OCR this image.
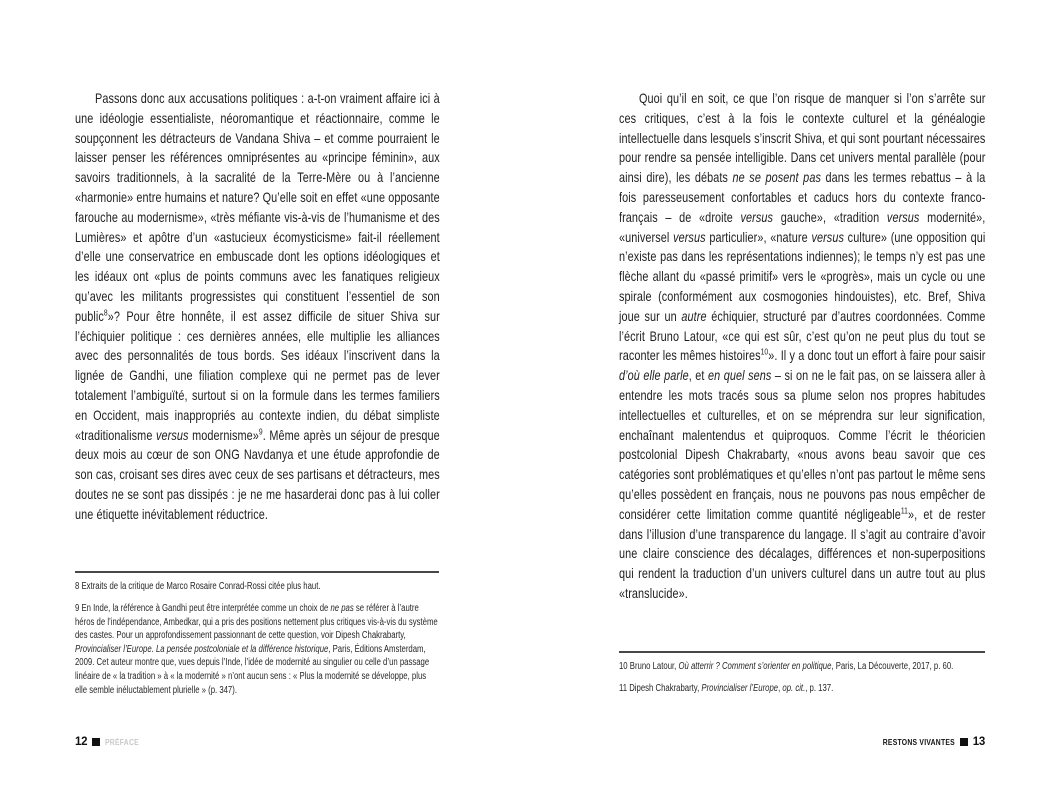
Passons donc aux accusations politiques : a-t-on vraiment affaire ici à une idéologie essentialiste, néoromantique et réactionnaire, comme le soupçonnent les détracteurs de Vandana Shiva – et comme pourraient le laisser penser les références omniprésentes au «principe féminin», aux savoirs traditionnels, à la sacralité de la Terre-Mère ou à l’ancienne «harmonie» entre humains et nature? Qu’elle soit en effet «une opposante farouche au modernisme», «très méfiante vis-à-vis de l’humanisme et des Lumières» et apôtre d’un «astucieux écomysticisme» fait-il réellement d’elle une conservatrice en embuscade dont les options idéologiques et les idéaux ont «plus de points communs avec les fanatiques religieux qu’avec les militants progressistes qui constituent l’essentiel de son public$^8$»? Pour être honnête, il est assez difficile de situer Shiva sur l’échiquier politique : ces dernières années, elle multiplie les alliances avec des personnalités de tous bords. Ses idéaux l’inscrivent dans la lignée de Gandhi, une filiation complexe qui ne permet pas de lever totalement l’ambiguïté, surtout si on la formule dans les termes familiers en Occident, mais inappropriés au contexte indien, du débat simpliste «traditionalisme versus modernisme»$^9$. Même après un séjour de presque deux mois au cœur de son ONG Navdanya et une étude approfondie de son cas, croisant ses dires avec ceux de ses partisans et détracteurs, mes doutes ne se sont pas dissipés : je ne me hasarderai donc pas à lui coller une étiquette inévitablement réductrice.

8 Extraits de la critique de Marco Rosaire Conrad-Rossi citée plus haut.

9 En Inde, la référence à Gandhi peut être interprétée comme un choix de ne pas se référer à l’autre héros de l’indépendance, Ambedkar, qui a pris des positions nettement plus critiques vis-à-vis du système des castes. Pour un approfondissement passionnant de cette question, voir Dipesh Chakrabarty, Provincialiser l’Europe. La pensée postcoloniale et la différence historique, Paris, Éditions Amsterdam, 2009. Cet auteur montre que, vues depuis l’Inde, l’idée de modernité au singulier ou celle d’un passage linéaire de « la tradition » à « la modernité » n’ont aucun sens : « Plus la modernité se développe, plus elle semble inéluctablement plurielle » (p. 347).

12 PRÉFACE

Quoi qu’il en soit, ce que l’on risque de manquer si l’on s’arrête sur ces critiques, c’est à la fois le contexte culturel et la généalogie intellectuelle dans lesquels s’inscrit Shiva, et qui sont pourtant nécessaires pour rendre sa pensée intelligible. Dans cet univers mental parallèle (pour ainsi dire), les débats ne se posent pas dans les termes rebattus – à la fois paresseusement confortables et caducs hors du contexte franco-français – de «droite versus gauche», «tradition versus modernité», «universel versus particulier», «nature versus culture» (une opposition qui n’existe pas dans les représentations indiennes); le temps n’y est pas une flèche allant du «passé primitif» vers le «progrès», mais un cycle ou une spirale (conformément aux cosmogonies hindouistes), etc. Bref, Shiva joue sur un autre échiquier, structuré par d’autres coordonnées. Comme l’écrit Bruno Latour, «ce qui est sûr, c’est qu’on ne peut plus du tout se raconter les mêmes histoires$^{10}$». Il y a donc tout un effort à faire pour saisir d’où elle parle, et en quel sens – si on ne le fait pas, on se laissera aller à entendre les mots tracés sous sa plume selon nos propres habitudes intellectuelles et culturelles, et on se méprendra sur leur signification, enchaînant malentendus et quiproquos. Comme l’écrit le théoricien postcolonial Dipesh Chakrabarty, «nous avons beau savoir que ces catégories sont problématiques et qu’elles n’ont pas partout le même sens qu’elles possèdent en français, nous ne pouvons pas nous empêcher de considérer cette limitation comme quantité négligeable$^{11}$», et de rester dans l’illusion d’une transparence du langage. Il s’agit au contraire d’avoir une claire conscience des décalages, différences et non-superpositions qui rendent la traduction d’un univers culturel dans un autre tout au plus «translucide».

10 Bruno Latour, Où atterrir ? Comment s’orienter en politique, Paris, La Découverte, 2017, p. 60.

11 Dipesh Chakrabarty, Provincialiser l’Europe, op. cit., p. 137.

RESTONS VIVANTES 13
